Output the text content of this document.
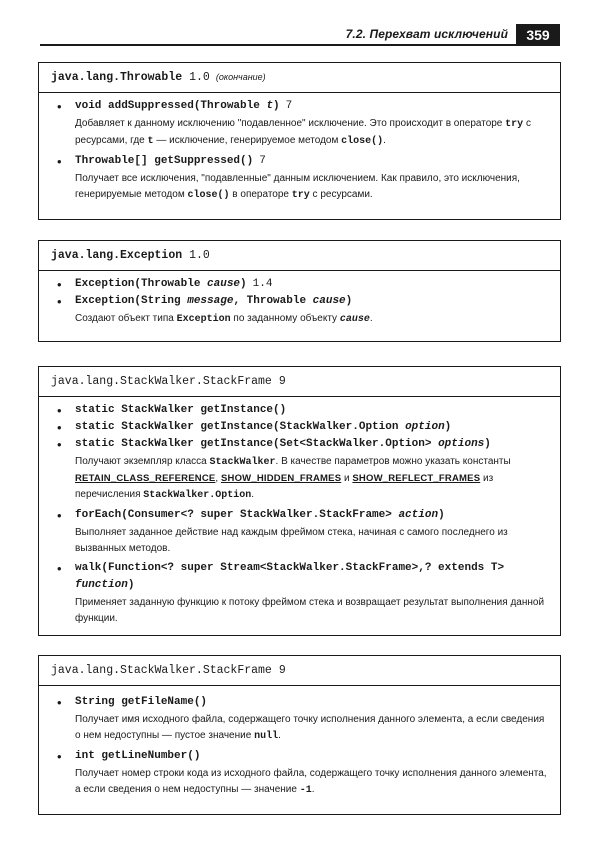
7.2. Перехват исключений	359
java.lang.Throwable 1.0 (окончание)
• void addSuppressed(Throwable t) 7
Добавляет к данному исключению "подавленное" исключение. Это происходит в операторе try с ресурсами, где t — исключение, генерируемое методом close().
• Throwable[] getSuppressed() 7
Получает все исключения, "подавленные" данным исключением. Как правило, это исключения, генерируемые методом close() в операторе try с ресурсами.
java.lang.Exception 1.0
• Exception(Throwable cause) 1.4
• Exception(String message, Throwable cause)
Создают объект типа Exception по заданному объекту cause.
java.lang.StackWalker.StackFrame 9
• static StackWalker getInstance()
• static StackWalker getInstance(StackWalker.Option option)
• static StackWalker getInstance(Set<StackWalker.Option> options)
Получают экземпляр класса StackWalker. В качестве параметров можно указать константы RETAIN_CLASS_REFERENCE, SHOW_HIDDEN_FRAMES и SHOW_REFLECT_FRAMES из перечисления StackWalker.Option.
• forEach(Consumer<? super StackWalker.StackFrame> action)
Выполняет заданное действие над каждым фреймом стека, начиная с самого последнего из вызванных методов.
• walk(Function<? super Stream<StackWalker.StackFrame>,? extends T>
function)
Применяет заданную функцию к потоку фреймом стека и возвращает результат выполнения данной функции.
java.lang.StackWalker.StackFrame 9
• String getFileName()
Получает имя исходного файла, содержащего точку исполнения данного элемента, а если сведения о нем недоступны — пустое значение null.
• int getLineNumber()
Получает номер строки кода из исходного файла, содержащего точку исполнения данного элемента, а если сведения о нем недоступны — значение -1.
